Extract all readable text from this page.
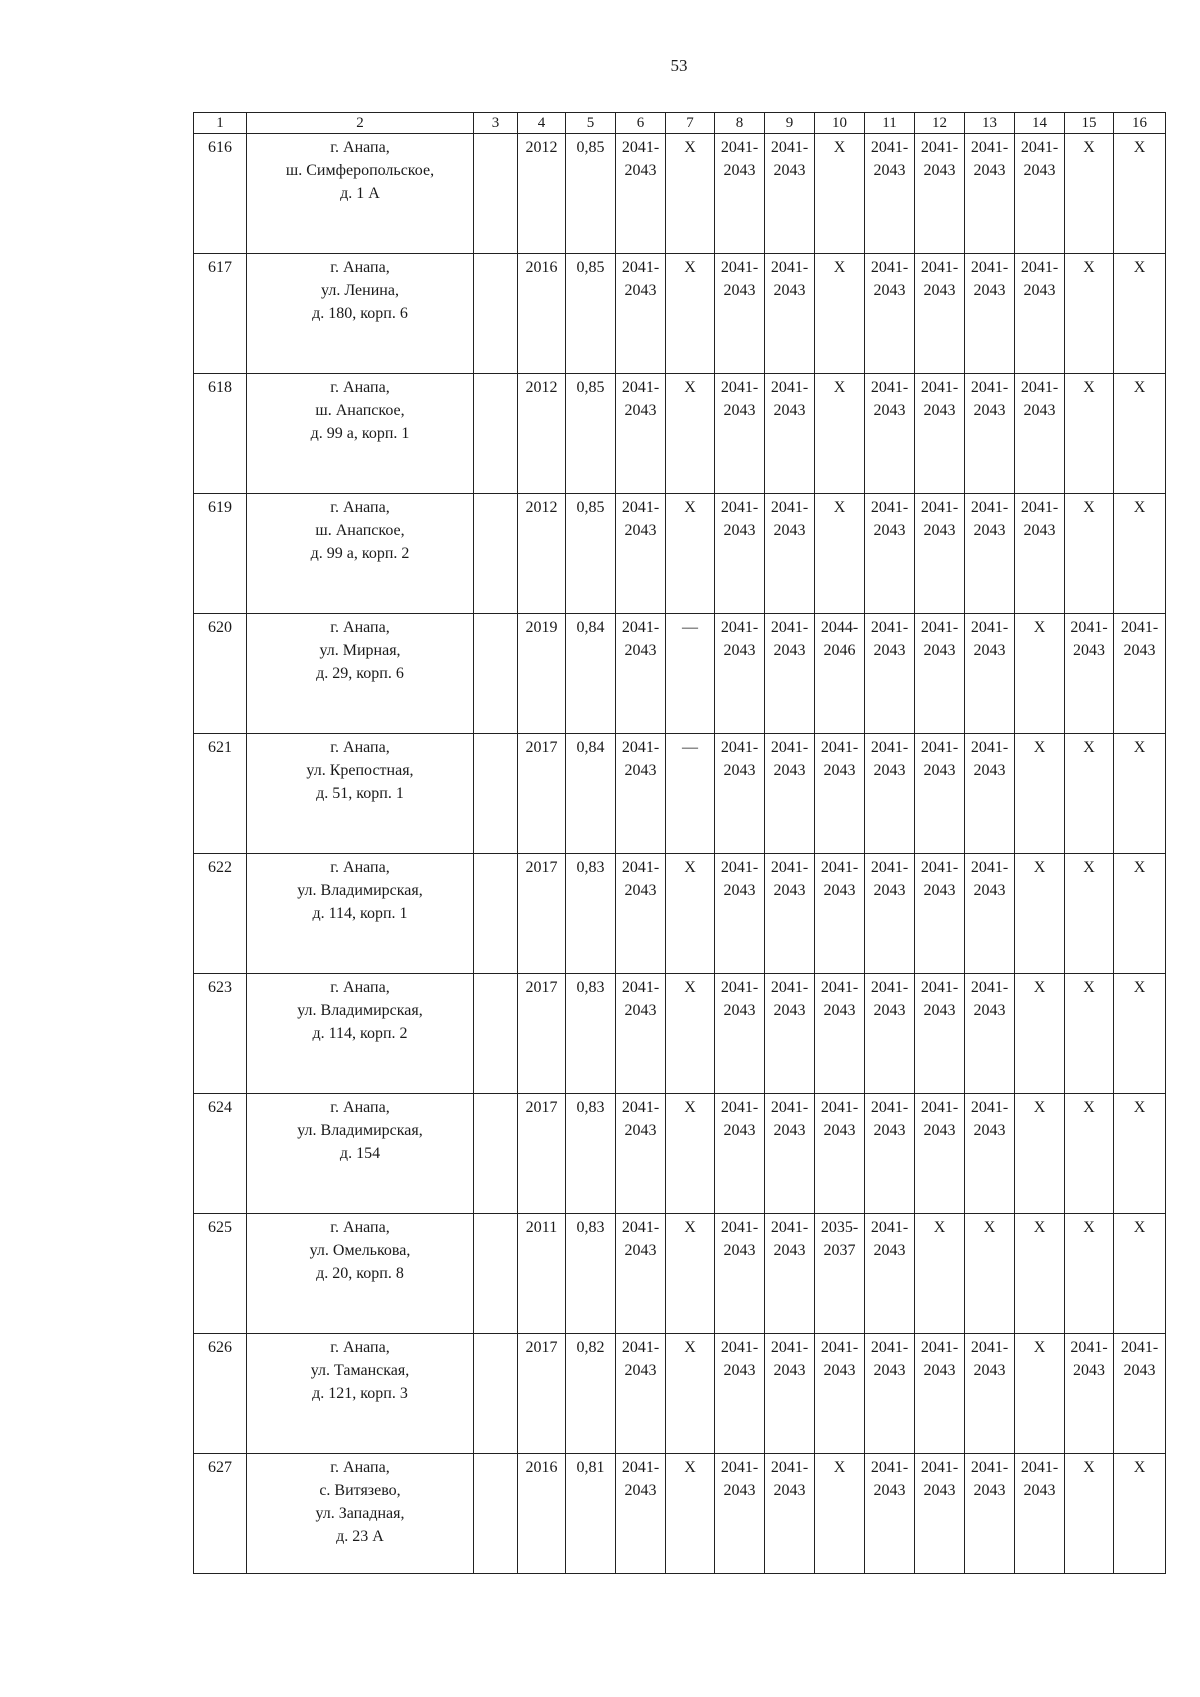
53
1	2	3	4	5	6	7	8	9	10	11	12	13	14	15	16
616	г. Анапа,
ш. Симферопольское,
д. 1 А		2012	0,85	2041-
2043	Х	2041-
2043	2041-
2043	Х	2041-
2043	2041-
2043	2041-
2043	2041-
2043	Х	Х

617	г. Анапа,
ул. Ленина,
д. 180, корп. 6		2016	0,85	2041-
2043	Х	2041-
2043	2041-
2043	Х	2041-
2043	2041-
2043	2041-
2043	2041-
2043	Х	Х

618	г. Анапа,
ш. Анапское,
д. 99 а, корп. 1		2012	0,85	2041-
2043	Х	2041-
2043	2041-
2043	Х	2041-
2043	2041-
2043	2041-
2043	2041-
2043	Х	Х

619	г. Анапа,
ш. Анапское,
д. 99 а, корп. 2		2012	0,85	2041-
2043	Х	2041-
2043	2041-
2043	Х	2041-
2043	2041-
2043	2041-
2043	2041-
2043	Х	Х

620	г. Анапа,
ул. Мирная,
д. 29, корп. 6		2019	0,84	2041-
2043	—	2041-
2043	2041-
2043	2044-
2046	2041-
2043	2041-
2043	2041-
2043	Х	2041-
2043	2041-
2043

621	г. Анапа,
ул. Крепостная,
д. 51, корп. 1		2017	0,84	2041-
2043	—	2041-
2043	2041-
2043	2041-
2043	2041-
2043	2041-
2043	2041-
2043	Х	Х	Х

622	г. Анапа,
ул. Владимирская,
д. 114, корп. 1		2017	0,83	2041-
2043	Х	2041-
2043	2041-
2043	2041-
2043	2041-
2043	2041-
2043	2041-
2043	Х	Х	Х

623	г. Анапа,
ул. Владимирская,
д. 114, корп. 2		2017	0,83	2041-
2043	Х	2041-
2043	2041-
2043	2041-
2043	2041-
2043	2041-
2043	2041-
2043	Х	Х	Х

624	г. Анапа,
ул. Владимирская,
д. 154		2017	0,83	2041-
2043	Х	2041-
2043	2041-
2043	2041-
2043	2041-
2043	2041-
2043	2041-
2043	Х	Х	Х

625	г. Анапа,
ул. Омелькова,
д. 20, корп. 8		2011	0,83	2041-
2043	Х	2041-
2043	2041-
2043	2035-
2037	2041-
2043	Х	Х	Х	Х	Х

626	г. Анапа,
ул. Таманская,
д. 121, корп. 3		2017	0,82	2041-
2043	Х	2041-
2043	2041-
2043	2041-
2043	2041-
2043	2041-
2043	2041-
2043	Х	2041-
2043	2041-
2043

627	г. Анапа,
с. Витязево,
ул. Западная,
д. 23 А		2016	0,81	2041-
2043	Х	2041-
2043	2041-
2043	Х	2041-
2043	2041-
2043	2041-
2043	2041-
2043	Х	Х
